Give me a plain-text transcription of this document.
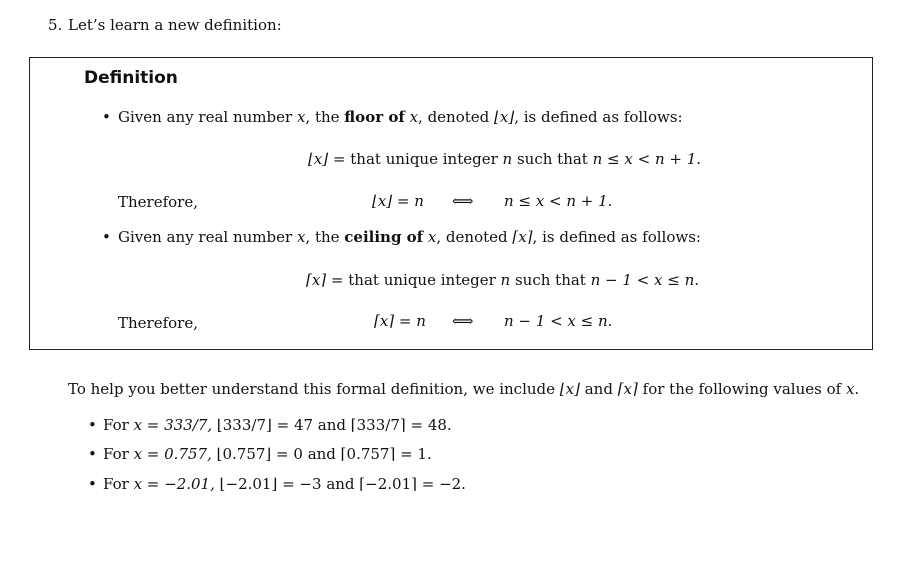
5. Let’s learn a new definition:
Definition
• Given any real number x, the floor of x, denoted ⌊x⌋, is defined as follows:
⌊x⌋ = that unique integer n such that n ≤ x < n + 1.
Therefore,	⌊x⌋ = n ⟺ n ≤ x < n + 1.
• Given any real number x, the ceiling of x, denoted ⌈x⌉, is defined as follows:
⌈x⌉ = that unique integer n such that n − 1 < x ≤ n.
Therefore,	⌈x⌉ = n ⟺ n − 1 < x ≤ n.
To help you better understand this formal definition, we include ⌊x⌋ and ⌈x⌉ for the following values of x.
• For x = 333/7, ⌊333/7⌋ = 47 and ⌈333/7⌉ = 48.
• For x = 0.757, ⌊0.757⌋ = 0 and ⌈0.757⌉ = 1.
• For x = −2.01, ⌊−2.01⌋ = −3 and ⌈−2.01⌉ = −2.
